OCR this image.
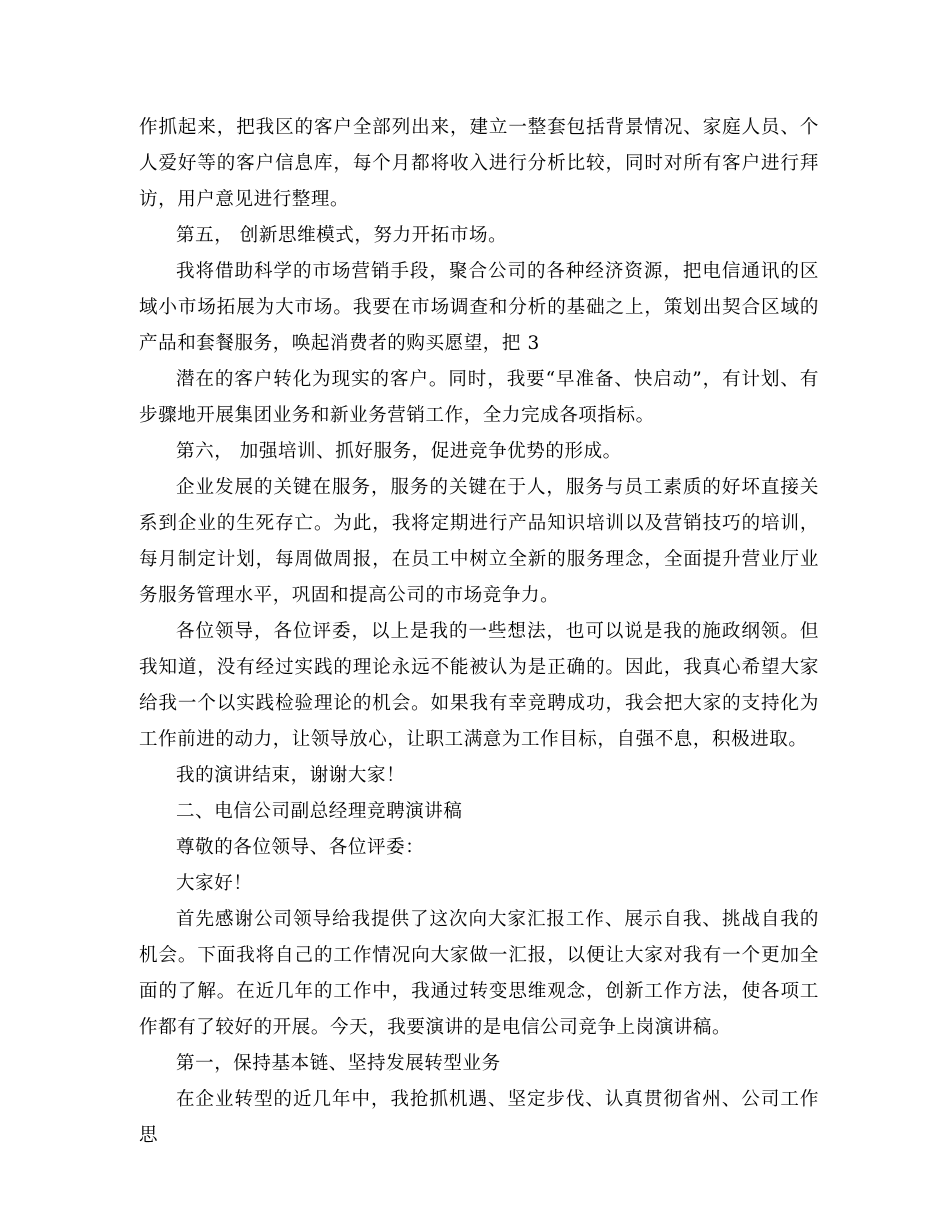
作抓起来，把我区的客户全部列出来，建立一整套包括背景情况、家庭人员、个人爱好等的客户信息库，每个月都将收入进行分析比较，同时对所有客户进行拜访，用户意见进行整理。

第五， 创新思维模式，努力开拓市场。

我将借助科学的市场营销手段，聚合公司的各种经济资源，把电信通讯的区域小市场拓展为大市场。我要在市场调查和分析的基础之上，策划出契合区域的产品和套餐服务，唤起消费者的购买愿望，把 3

潜在的客户转化为现实的客户。同时，我要“早准备、快启动”，有计划、有步骤地开展集团业务和新业务营销工作，全力完成各项指标。

第六， 加强培训、抓好服务，促进竞争优势的形成。

企业发展的关键在服务，服务的关键在于人，服务与员工素质的好坏直接关系到企业的生死存亡。为此，我将定期进行产品知识培训以及营销技巧的培训，每月制定计划，每周做周报，在员工中树立全新的服务理念，全面提升营业厅业务服务管理水平，巩固和提高公司的市场竞争力。

各位领导，各位评委，以上是我的一些想法，也可以说是我的施政纲领。但我知道，没有经过实践的理论永远不能被认为是正确的。因此，我真心希望大家给我一个以实践检验理论的机会。如果我有幸竞聘成功，我会把大家的支持化为工作前进的动力，让领导放心，让职工满意为工作目标，自强不息，积极进取。

我的演讲结束，谢谢大家！

二、电信公司副总经理竞聘演讲稿

尊敬的各位领导、各位评委：

大家好！

首先感谢公司领导给我提供了这次向大家汇报工作、展示自我、挑战自我的机会。下面我将自己的工作情况向大家做一汇报，以便让大家对我有一个更加全面的了解。在近几年的工作中，我通过转变思维观念，创新工作方法，使各项工作都有了较好的开展。今天，我要演讲的是电信公司竞争上岗演讲稿。

第一，保持基本链、坚持发展转型业务

在企业转型的近几年中，我抢抓机遇、坚定步伐、认真贯彻省州、公司工作思
